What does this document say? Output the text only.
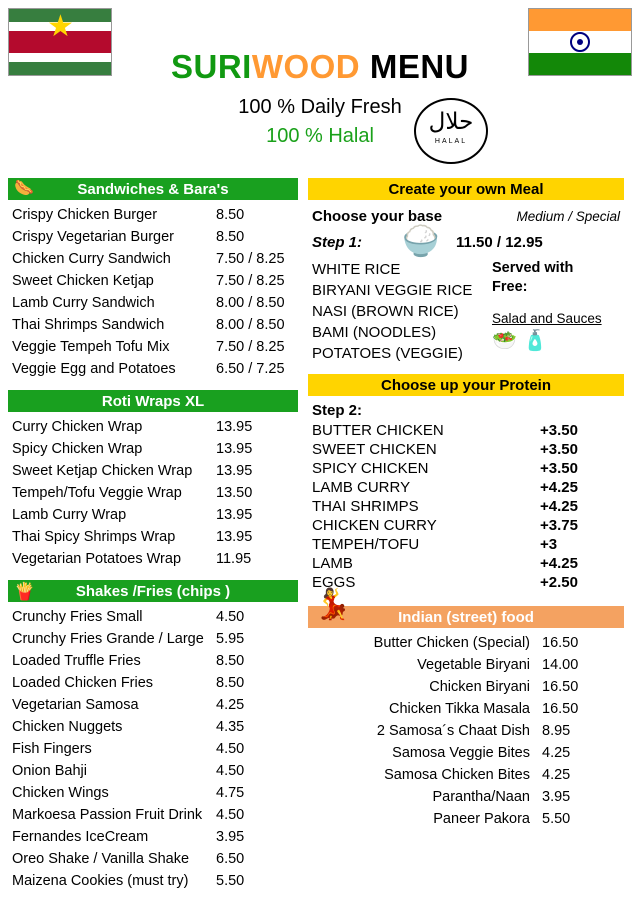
SURIWOOD MENU
100 % Daily Fresh
100 % Halal
حلال
HALAL
🌭	Sandwiches & Bara's
Crispy Chicken Burger	8.50
Crispy Vegetarian Burger	8.50
Chicken Curry Sandwich	7.50 / 8.25
Sweet Chicken Ketjap	7.50 / 8.25
Lamb Curry Sandwich	8.00 / 8.50
Thai Shrimps Sandwich	8.00 / 8.50
Veggie Tempeh Tofu Mix	7.50 / 8.25
Veggie Egg and Potatoes	6.50 / 7.25
Roti Wraps XL
Curry Chicken Wrap	13.95
Spicy Chicken Wrap	13.95
Sweet Ketjap Chicken Wrap	13.95
Tempeh/Tofu Veggie Wrap	13.50
Lamb Curry Wrap	13.95
Thai Spicy Shrimps Wrap	13.95
Vegetarian Potatoes Wrap	11.95
🍟	Shakes /Fries (chips )
Crunchy Fries Small	4.50
Crunchy Fries Grande / Large 5.95
Loaded Truffle Fries	8.50
Loaded Chicken Fries	8.50
Vegetarian Samosa	4.25
Chicken Nuggets	4.35
Fish Fingers	4.50
Onion Bahji	4.50
Chicken Wings	4.75
Markoesa Passion Fruit Drink 4.50
Fernandes IceCream	3.95
Oreo Shake / Vanilla Shake	6.50
Maizena Cookies (must try)	5.50
Create your own Meal
Choose your base	Medium / Special
Step 1:	🍚	11.50 / 12.95
WHITE RICE
BIRYANI VEGGIE RICE
NASI (BROWN RICE)
BAMI (NOODLES)
POTATOES (VEGGIE)
Served with
Free:
Salad and Sauces
🥗 🧴
Choose up your Protein
Step 2:
BUTTER CHICKEN	+3.50
SWEET CHICKEN	+3.50
SPICY CHICKEN	+3.50
LAMB CURRY	+4.25
THAI SHRIMPS	+4.25
CHICKEN CURRY	+3.75
TEMPEH/TOFU	+3
LAMB	+4.25
EGGS	+2.50
💃	Indian (street) food
Butter Chicken (Special) 16.50
Vegetable Biryani 14.00
Chicken Biryani 16.50
Chicken Tikka Masala 16.50
2 Samosa´s Chaat Dish 8.95
Samosa Veggie Bites 4.25
Samosa Chicken Bites 4.25
Parantha/Naan 3.95
Paneer Pakora 5.50
